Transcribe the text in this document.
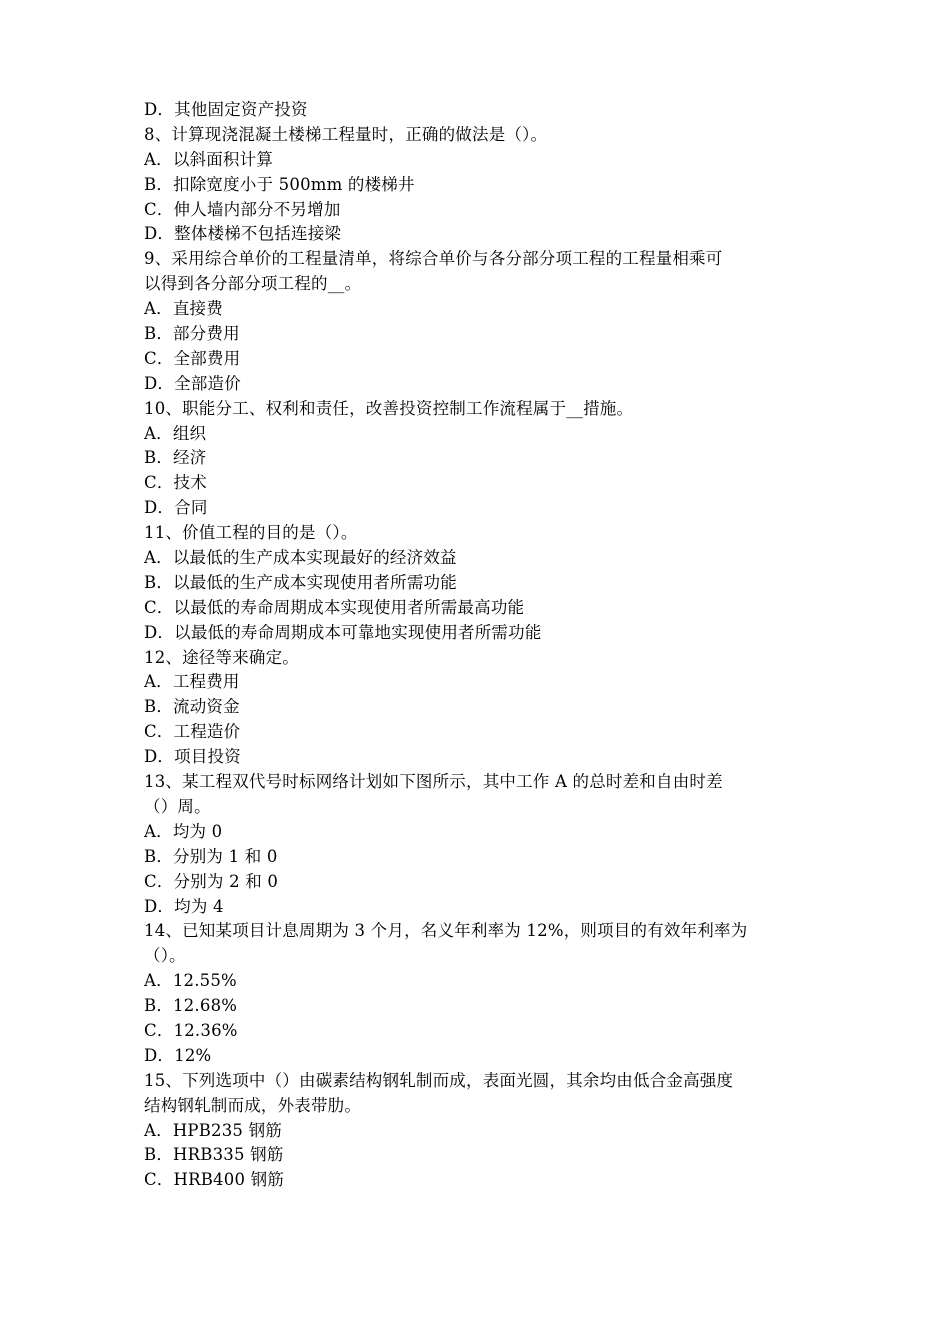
D．其他固定资产投资
8、计算现浇混凝土楼梯工程量时，正确的做法是（）。
A．以斜面积计算
B．扣除宽度小于 500mm 的楼梯井
C．伸人墙内部分不另增加
D．整体楼梯不包括连接梁
9、采用综合单价的工程量清单，将综合单价与各分部分项工程的工程量相乘可
以得到各分部分项工程的__。
A．直接费
B．部分费用
C．全部费用
D．全部造价
10、职能分工、权利和责任，改善投资控制工作流程属于__措施。
A．组织
B．经济
C．技术
D．合同
11、价值工程的目的是（）。
A．以最低的生产成本实现最好的经济效益
B．以最低的生产成本实现使用者所需功能
C．以最低的寿命周期成本实现使用者所需最高功能
D．以最低的寿命周期成本可靠地实现使用者所需功能
12、途径等来确定。
A．工程费用
B．流动资金
C．工程造价
D．项目投资
13、某工程双代号时标网络计划如下图所示，其中工作 A 的总时差和自由时差
（）周。
A．均为 0
B．分别为 1 和 0
C．分别为 2 和 0
D．均为 4
14、已知某项目计息周期为 3 个月，名义年利率为 12%，则项目的有效年利率为
（）。
A．12.55%
B．12.68%
C．12.36%
D．12%
15、下列选项中（）由碳素结构钢轧制而成，表面光圆，其余均由低合金高强度
结构钢轧制而成，外表带肋。
A．HPB235 钢筋
B．HRB335 钢筋
C．HRB400 钢筋
